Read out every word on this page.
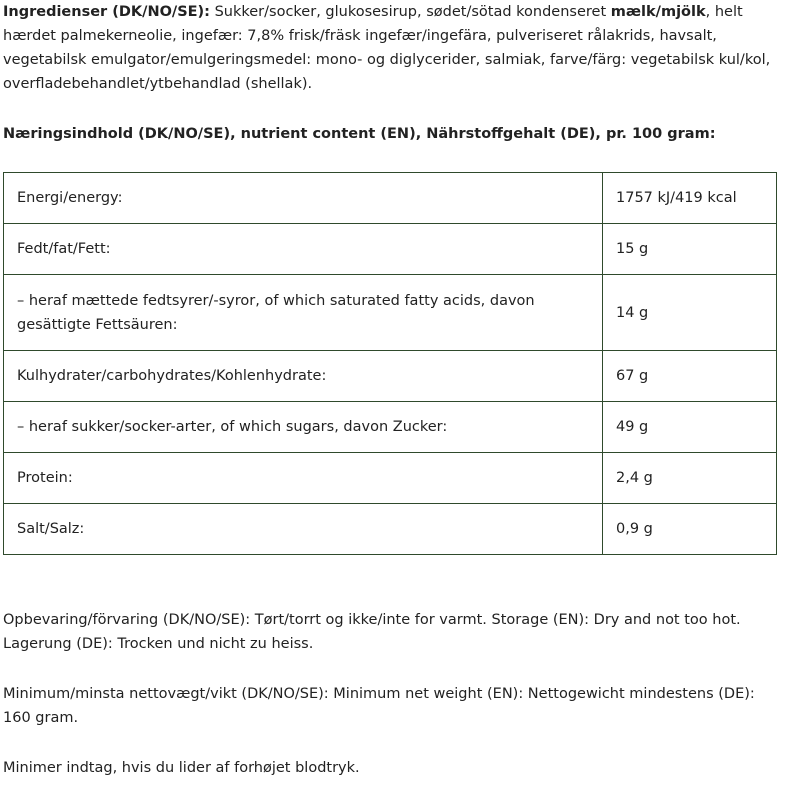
Ingredienser (DK/NO/SE): Sukker/socker, glukosesirup, sødet/sötad kondenseret mælk/mjölk, helt hærdet palmekerneolie, ingefær: 7,8% frisk/fräsk ingefær/ingefära, pulveriseret rålakrids, havsalt, vegetabilsk emulgator/emulgeringsmedel: mono- og diglycerider, salmiak, farve/färg: vegetabilsk kul/kol, overfladebehandlet/ytbehandlad (shellak).

Næringsindhold (DK/NO/SE), nutrient content (EN), Nährstoffgehalt (DE), pr. 100 gram:

Energi/energy:	1757 kJ/419 kcal
Fedt/fat/Fett:	15 g
– heraf mættede fedtsyrer/-syror, of which saturated fatty acids, davon gesättigte Fettsäuren:	14 g
Kulhydrater/carbohydrates/Kohlenhydrate:	67 g
– heraf sukker/socker-arter, of which sugars, davon Zucker:	49 g
Protein:	2,4 g
Salt/Salz:	0,9 g

Opbevaring/förvaring (DK/NO/SE): Tørt/torrt og ikke/inte for varmt. Storage (EN): Dry and not too hot. Lagerung (DE): Trocken und nicht zu heiss.

Minimum/minsta nettovægt/vikt (DK/NO/SE): Minimum net weight (EN): Nettogewicht mindestens (DE): 160 gram.

Minimer indtag, hvis du lider af forhøjet blodtryk.
